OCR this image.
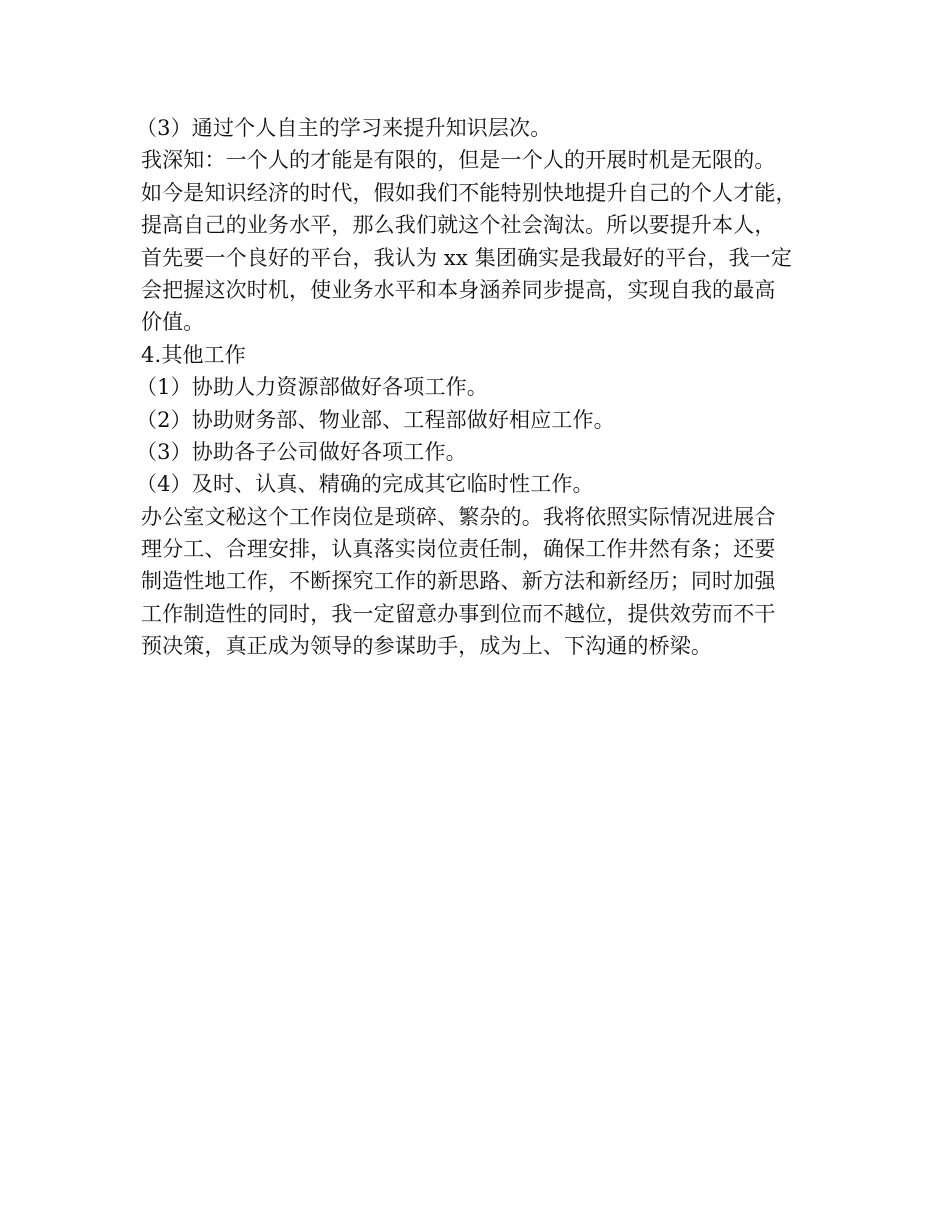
（3）通过个人自主的学习来提升知识层次。
我深知：一个人的才能是有限的，但是一个人的开展时机是无限的。
如今是知识经济的时代，假如我们不能特别快地提升自己的个人才能，
提高自己的业务水平，那么我们就这个社会淘汰。所以要提升本人，
首先要一个良好的平台，我认为 xx 集团确实是我最好的平台，我一定
会把握这次时机，使业务水平和本身涵养同步提高，实现自我的最高
价值。
4.其他工作
（1）协助人力资源部做好各项工作。
（2）协助财务部、物业部、工程部做好相应工作。
（3）协助各子公司做好各项工作。
（4）及时、认真、精确的完成其它临时性工作。
办公室文秘这个工作岗位是琐碎、繁杂的。我将依照实际情况进展合
理分工、合理安排，认真落实岗位责任制，确保工作井然有条；还要
制造性地工作，不断探究工作的新思路、新方法和新经历；同时加强
工作制造性的同时，我一定留意办事到位而不越位，提供效劳而不干
预决策，真正成为领导的参谋助手，成为上、下沟通的桥梁。
